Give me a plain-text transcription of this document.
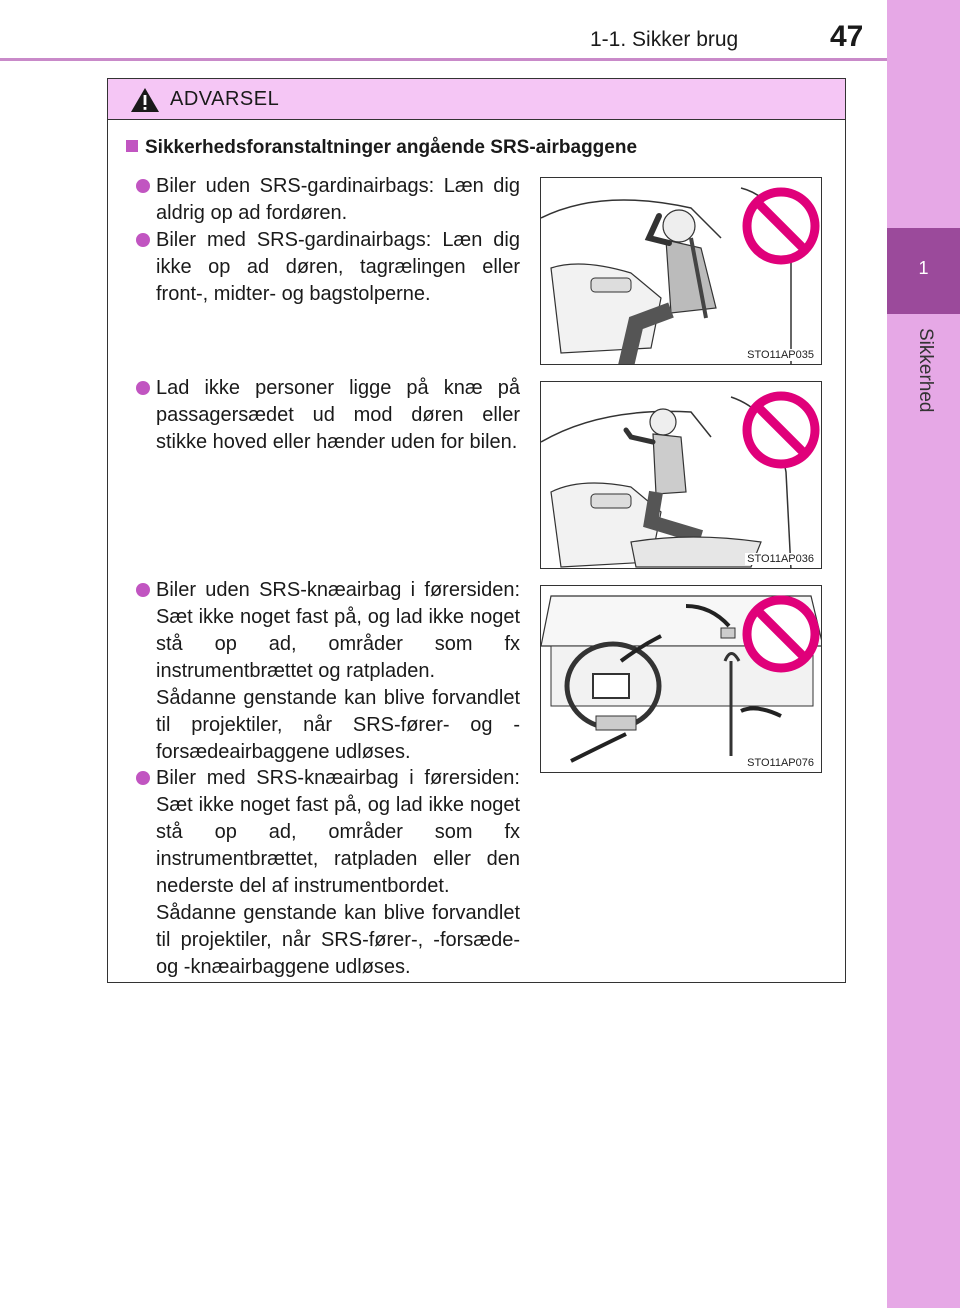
1
Sikkerhed
1-1. Sikker brug	47
ADVARSEL
Sikkerhedsforanstaltninger angående SRS-airbaggene
Biler uden SRS-gardinairbags: Læn dig aldrig op ad fordøren.
Biler med SRS-gardinairbags: Læn dig ikke op ad døren, tagrælingen eller front-, midter- og bagstolperne.
Lad ikke personer ligge på knæ på passagersædet ud mod døren eller stikke hoved eller hænder uden for bilen.
Biler uden SRS-knæairbag i førersiden: Sæt ikke noget fast på, og lad ikke noget stå op ad, områder som fx instrumentbrættet og ratpladen.
Sådanne genstande kan blive forvandlet til projektiler, når SRS-fører- og -forsædeairbaggene udløses.
Biler med SRS-knæairbag i førersiden: Sæt ikke noget fast på, og lad ikke noget stå op ad, områder som fx instrumentbrættet, ratpladen eller den nederste del af instrumentbordet.
Sådanne genstande kan blive forvandlet til projektiler, når SRS-fører-, -forsæde- og -knæairbaggene udløses.
STO11AP035
STO11AP036
STO11AP076
